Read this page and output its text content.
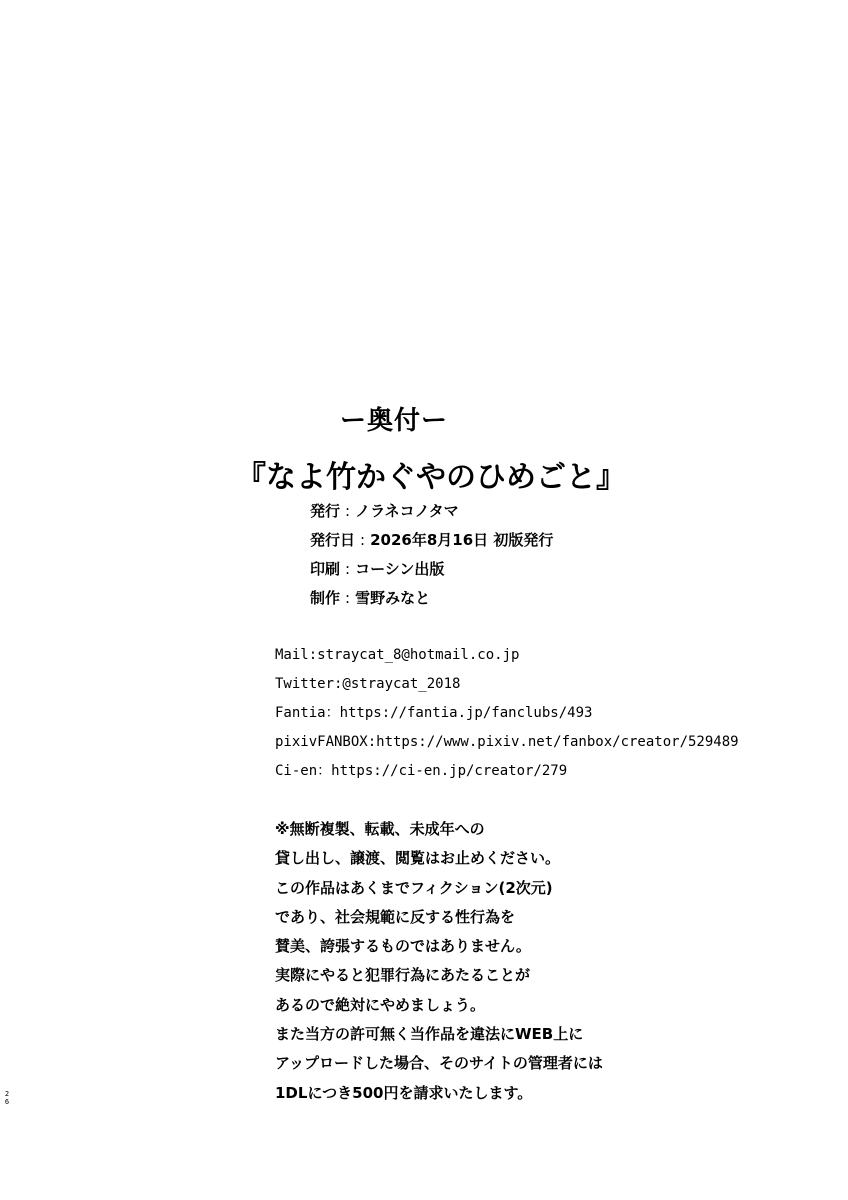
ー奥付ー
『なよ竹かぐやのひめごと』
発行 : ノラネコノタマ
発行日 : 2026年8月16日 初版発行
印刷 : コーシン出版
制作 : 雪野みなと
Mail:straycat_8@hotmail.co.jp
Twitter:@straycat_2018
Fantia：https://fantia.jp/fanclubs/493
pixivFANBOX:https://www.pixiv.net/fanbox/creator/529489
Ci-en：https://ci-en.jp/creator/279
※無断複製、転載、未成年への
貸し出し、譲渡、閲覧はお止めください。
この作品はあくまでフィクション(2次元)
であり、社会規範に反する性行為を
賛美、誇張するものではありません。
実際にやると犯罪行為にあたることが
あるので絶対にやめましょう。
また当方の許可無く当作品を違法にWEB上に
アップロードした場合、そのサイトの管理者には
1DLにつき500円を請求いたします。
2
6
